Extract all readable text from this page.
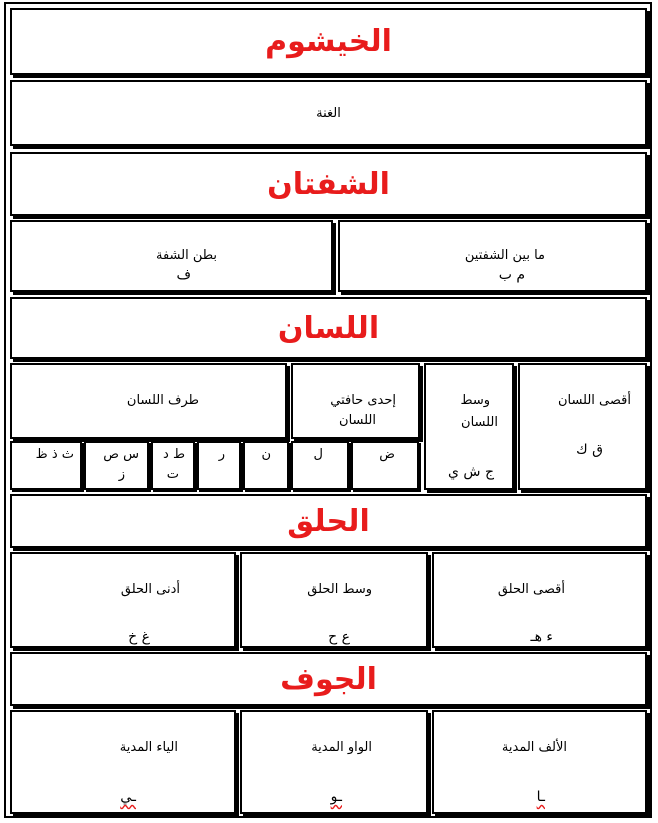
الخيشوم
الغنة
الشفتان
ما بين الشفتين
م ب
بطن الشفة
ف
اللسان
أقصى اللسان
ق ك
وسط
اللسان
ج ش ي
إحدى حافتي
اللسان
طرف اللسان
ض
ل
ن
ر
ط د
ت
س ص
ز
ث ذ ظ
الحلق
أقصى الحلق
ء هـ
وسط الحلق
ع ح
أدنى الحلق
غ خ
الجوف
الألف المدية
ـا
الواو المدية
ـو
الياء المدية
ـي
